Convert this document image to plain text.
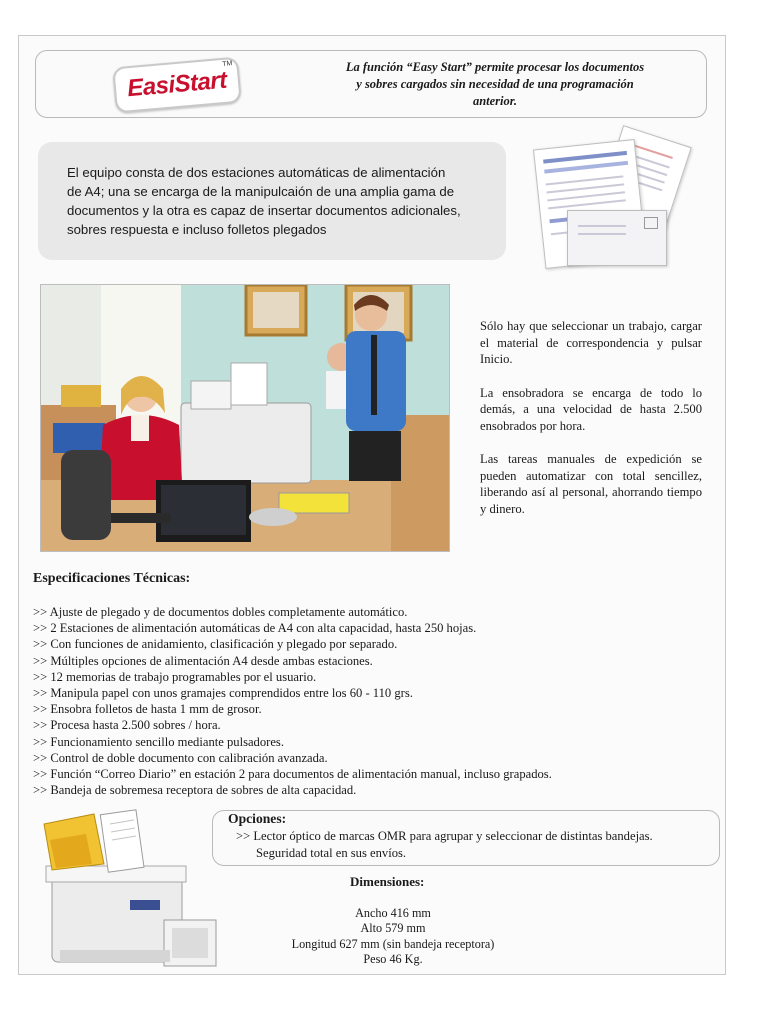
EasiStart
TM	La función “Easy Start” permite procesar los documentos
y sobres cargados sin necesidad de una programación
anterior.
El equipo consta de dos estaciones automáticas de alimentación
de A4; una se encarga de la manipulcaión de una amplia gama de
documentos y la otra es capaz de insertar documentos adicionales,
sobres respuesta e incluso folletos plegados

Sólo hay que seleccionar un trabajo, cargar el material de correspondencia y pulsar Inicio.

La ensobradora se encarga de todo lo demás, a una velocidad de hasta 2.500 ensobrados por hora.

Las tareas manuales de expedición se pueden automatizar con total sencillez, liberando así al personal, ahorrando tiempo y dinero.

Especificaciones Técnicas:
>> Ajuste de plegado y de documentos dobles completamente automático.
>> 2 Estaciones de alimentación automáticas de A4 con alta capacidad, hasta 250 hojas.
>> Con funciones de anidamiento, clasificación y plegado por separado.
>> Múltiples opciones de alimentación A4 desde ambas estaciones.
>> 12 memorias de trabajo programables por el usuario.
>> Manipula papel con unos gramajes comprendidos entre los 60 - 110 grs.
>> Ensobra folletos de hasta 1 mm de grosor.
>> Procesa hasta 2.500 sobres / hora.
>> Funcionamiento sencillo mediante pulsadores.
>> Control de doble documento con calibración avanzada.
>> Función “Correo Diario” en estación 2 para documentos de alimentación manual, incluso grapados.
>> Bandeja de sobremesa receptora de sobres de alta capacidad.
Opciones:
>> Lector óptico de marcas OMR para agrupar y seleccionar de distintas bandejas.
Seguridad total en sus envíos.
Dimensiones:
Ancho 416 mm
Alto 579 mm
Longitud 627 mm (sin bandeja receptora)
Peso 46 Kg.
